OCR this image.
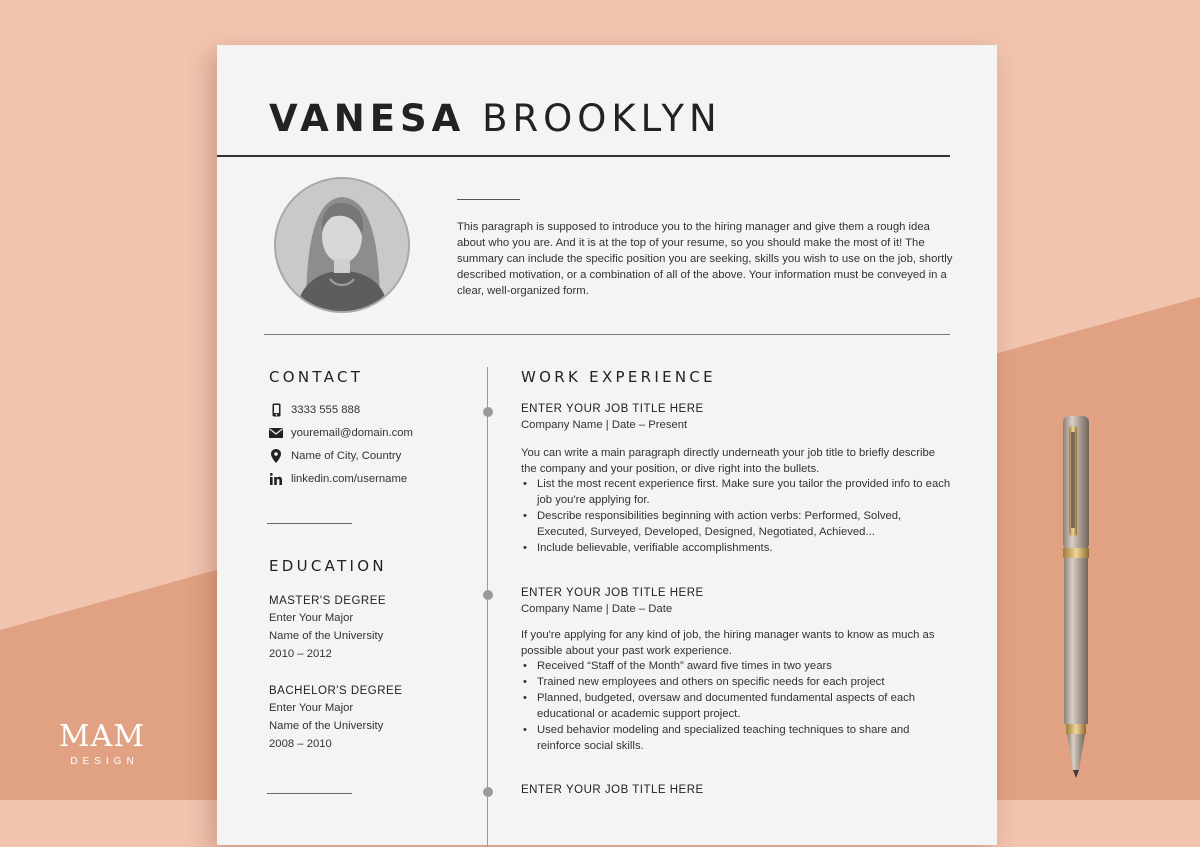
VANESA BROOKLYN

This paragraph is supposed to introduce you to the hiring manager and give them a rough idea about who you are. And it is at the top of your resume, so you should make the most of it! The summary can include the specific position you are seeking, skills you wish to use on the job, shortly described motivation, or a combination of all of the above. Your information must be conveyed in a clear, well-organized form.

CONTACT
3333 555 888
youremail@domain.com
Name of City, Country
linkedin.com/username
EDUCATION
MASTER'S DEGREE
Enter Your Major
Name of the University
2010 – 2012
BACHELOR'S DEGREE
Enter Your Major
Name of the University
2008 – 2010
WORK EXPERIENCE
ENTER YOUR JOB TITLE HERE
Company Name | Date – Present

You can write a main paragraph directly underneath your job title to briefly describe the company and your position, or dive right into the bullets.

• List the most recent experience first. Make sure you tailor the provided info to each job you're applying for.
• Describe responsibilities beginning with action verbs: Performed, Solved, Executed, Surveyed, Developed, Designed, Negotiated, Achieved...
• Include believable, verifiable accomplishments.
ENTER YOUR JOB TITLE HERE
Company Name | Date – Date

If you're applying for any kind of job, the hiring manager wants to know as much as possible about your past work experience.

• Received “Staff of the Month” award five times in two years
• Trained new employees and others on specific needs for each project
• Planned, budgeted, oversaw and documented fundamental aspects of each educational or academic support project.
• Used behavior modeling and specialized teaching techniques to share and reinforce social skills.
ENTER YOUR JOB TITLE HERE
MAM
DESIGN
